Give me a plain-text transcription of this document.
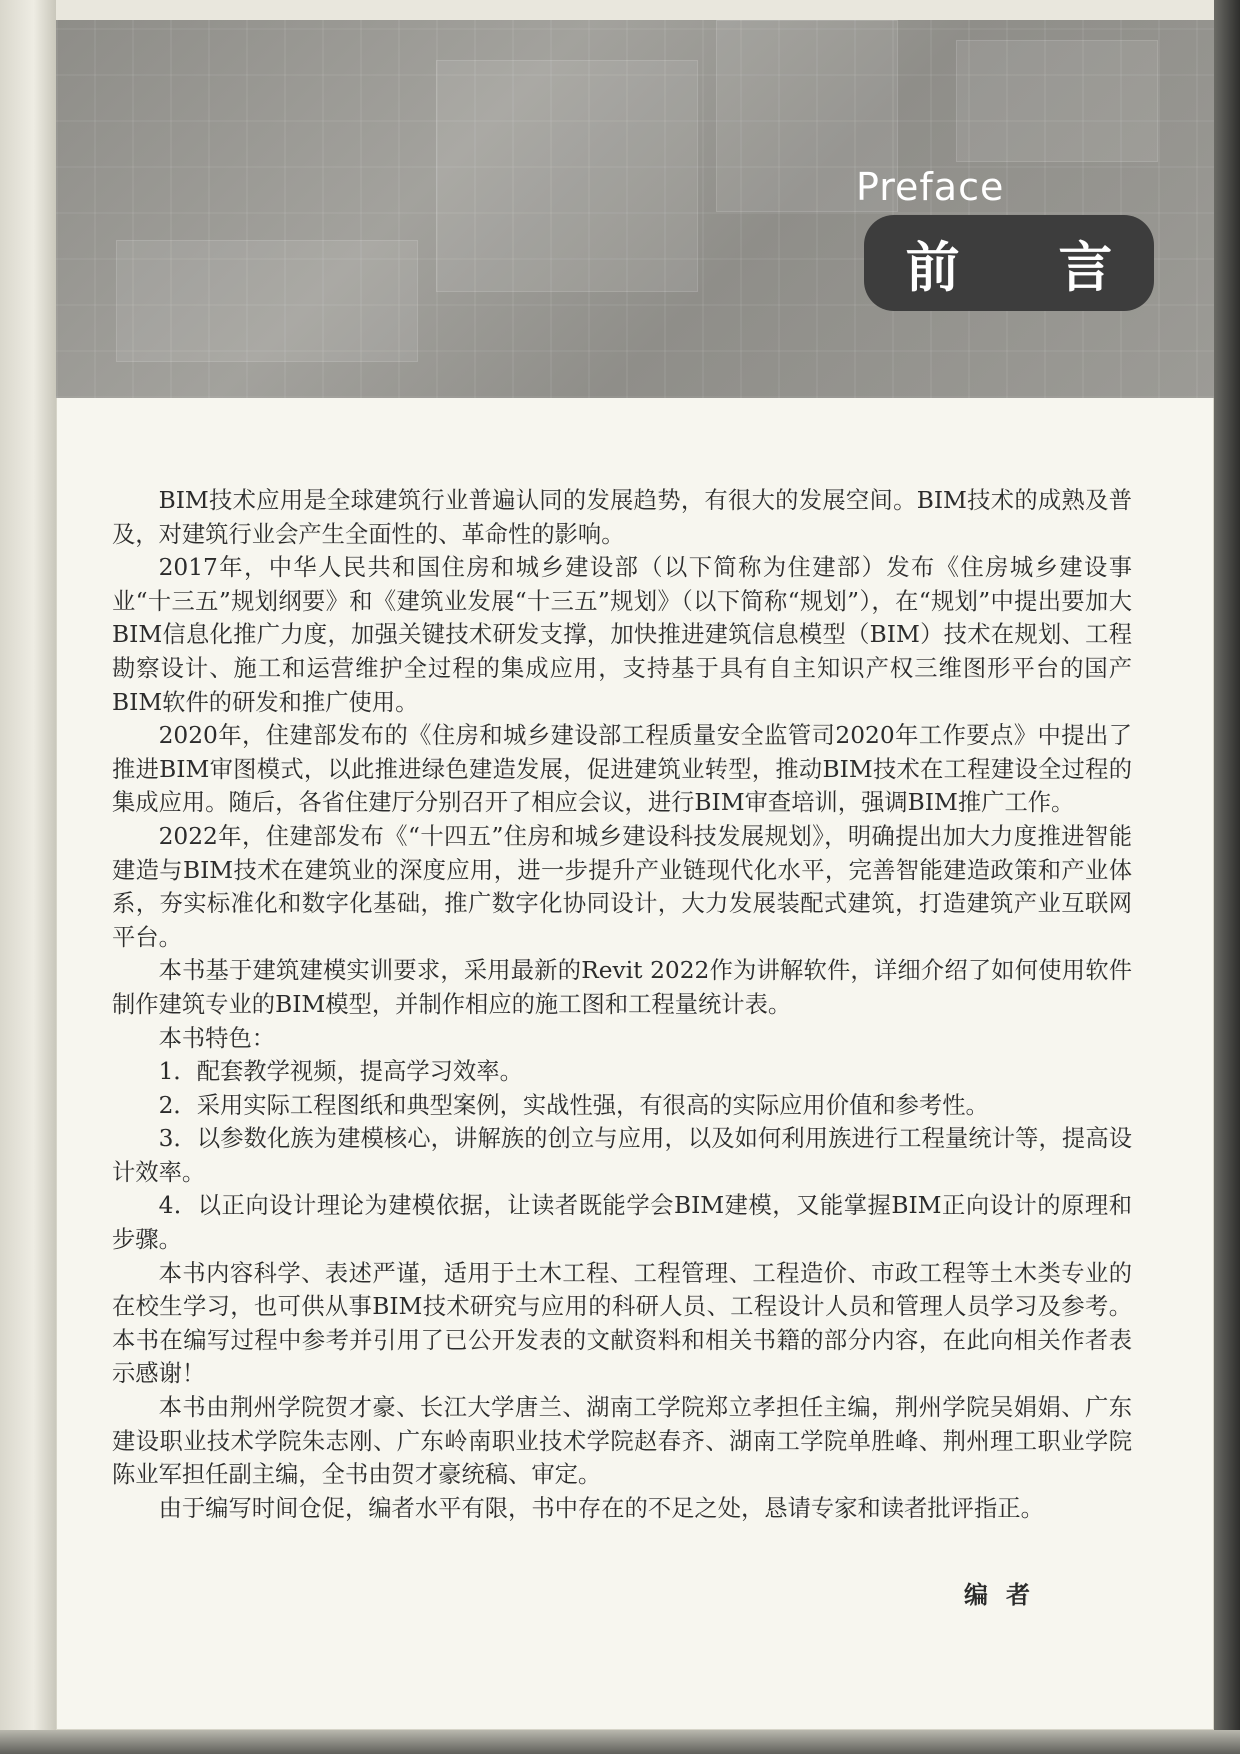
Preface
前 言

BIM技术应用是全球建筑行业普遍认同的发展趋势，有很大的发展空间。BIM技术的成熟及普及，对建筑行业会产生全面性的、革命性的影响。

2017年，中华人民共和国住房和城乡建设部（以下简称为住建部）发布《住房城乡建设事业“十三五”规划纲要》和《建筑业发展“十三五”规划》（以下简称“规划”），在“规划”中提出要加大BIM信息化推广力度，加强关键技术研发支撑，加快推进建筑信息模型（BIM）技术在规划、工程勘察设计、施工和运营维护全过程的集成应用，支持基于具有自主知识产权三维图形平台的国产BIM软件的研发和推广使用。

2020年，住建部发布的《住房和城乡建设部工程质量安全监管司2020年工作要点》中提出了推进BIM审图模式，以此推进绿色建造发展，促进建筑业转型，推动BIM技术在工程建设全过程的集成应用。随后，各省住建厅分别召开了相应会议，进行BIM审查培训，强调BIM推广工作。

2022年，住建部发布《“十四五”住房和城乡建设科技发展规划》，明确提出加大力度推进智能建造与BIM技术在建筑业的深度应用，进一步提升产业链现代化水平，完善智能建造政策和产业体系，夯实标准化和数字化基础，推广数字化协同设计，大力发展装配式建筑，打造建筑产业互联网平台。

本书基于建筑建模实训要求，采用最新的Revit 2022作为讲解软件，详细介绍了如何使用软件制作建筑专业的BIM模型，并制作相应的施工图和工程量统计表。

本书特色：

1．配套教学视频，提高学习效率。

2．采用实际工程图纸和典型案例，实战性强，有很高的实际应用价值和参考性。

3．以参数化族为建模核心，讲解族的创立与应用，以及如何利用族进行工程量统计等，提高设计效率。

4．以正向设计理论为建模依据，让读者既能学会BIM建模，又能掌握BIM正向设计的原理和步骤。

本书内容科学、表述严谨，适用于土木工程、工程管理、工程造价、市政工程等土木类专业的在校生学习，也可供从事BIM技术研究与应用的科研人员、工程设计人员和管理人员学习及参考。本书在编写过程中参考并引用了已公开发表的文献资料和相关书籍的部分内容，在此向相关作者表示感谢！

本书由荆州学院贺才豪、长江大学唐兰、湖南工学院郑立孝担任主编，荆州学院吴娟娟、广东建设职业技术学院朱志刚、广东岭南职业技术学院赵春齐、湖南工学院单胜峰、荆州理工职业学院陈业军担任副主编，全书由贺才豪统稿、审定。

由于编写时间仓促，编者水平有限，书中存在的不足之处，恳请专家和读者批评指正。

编者
